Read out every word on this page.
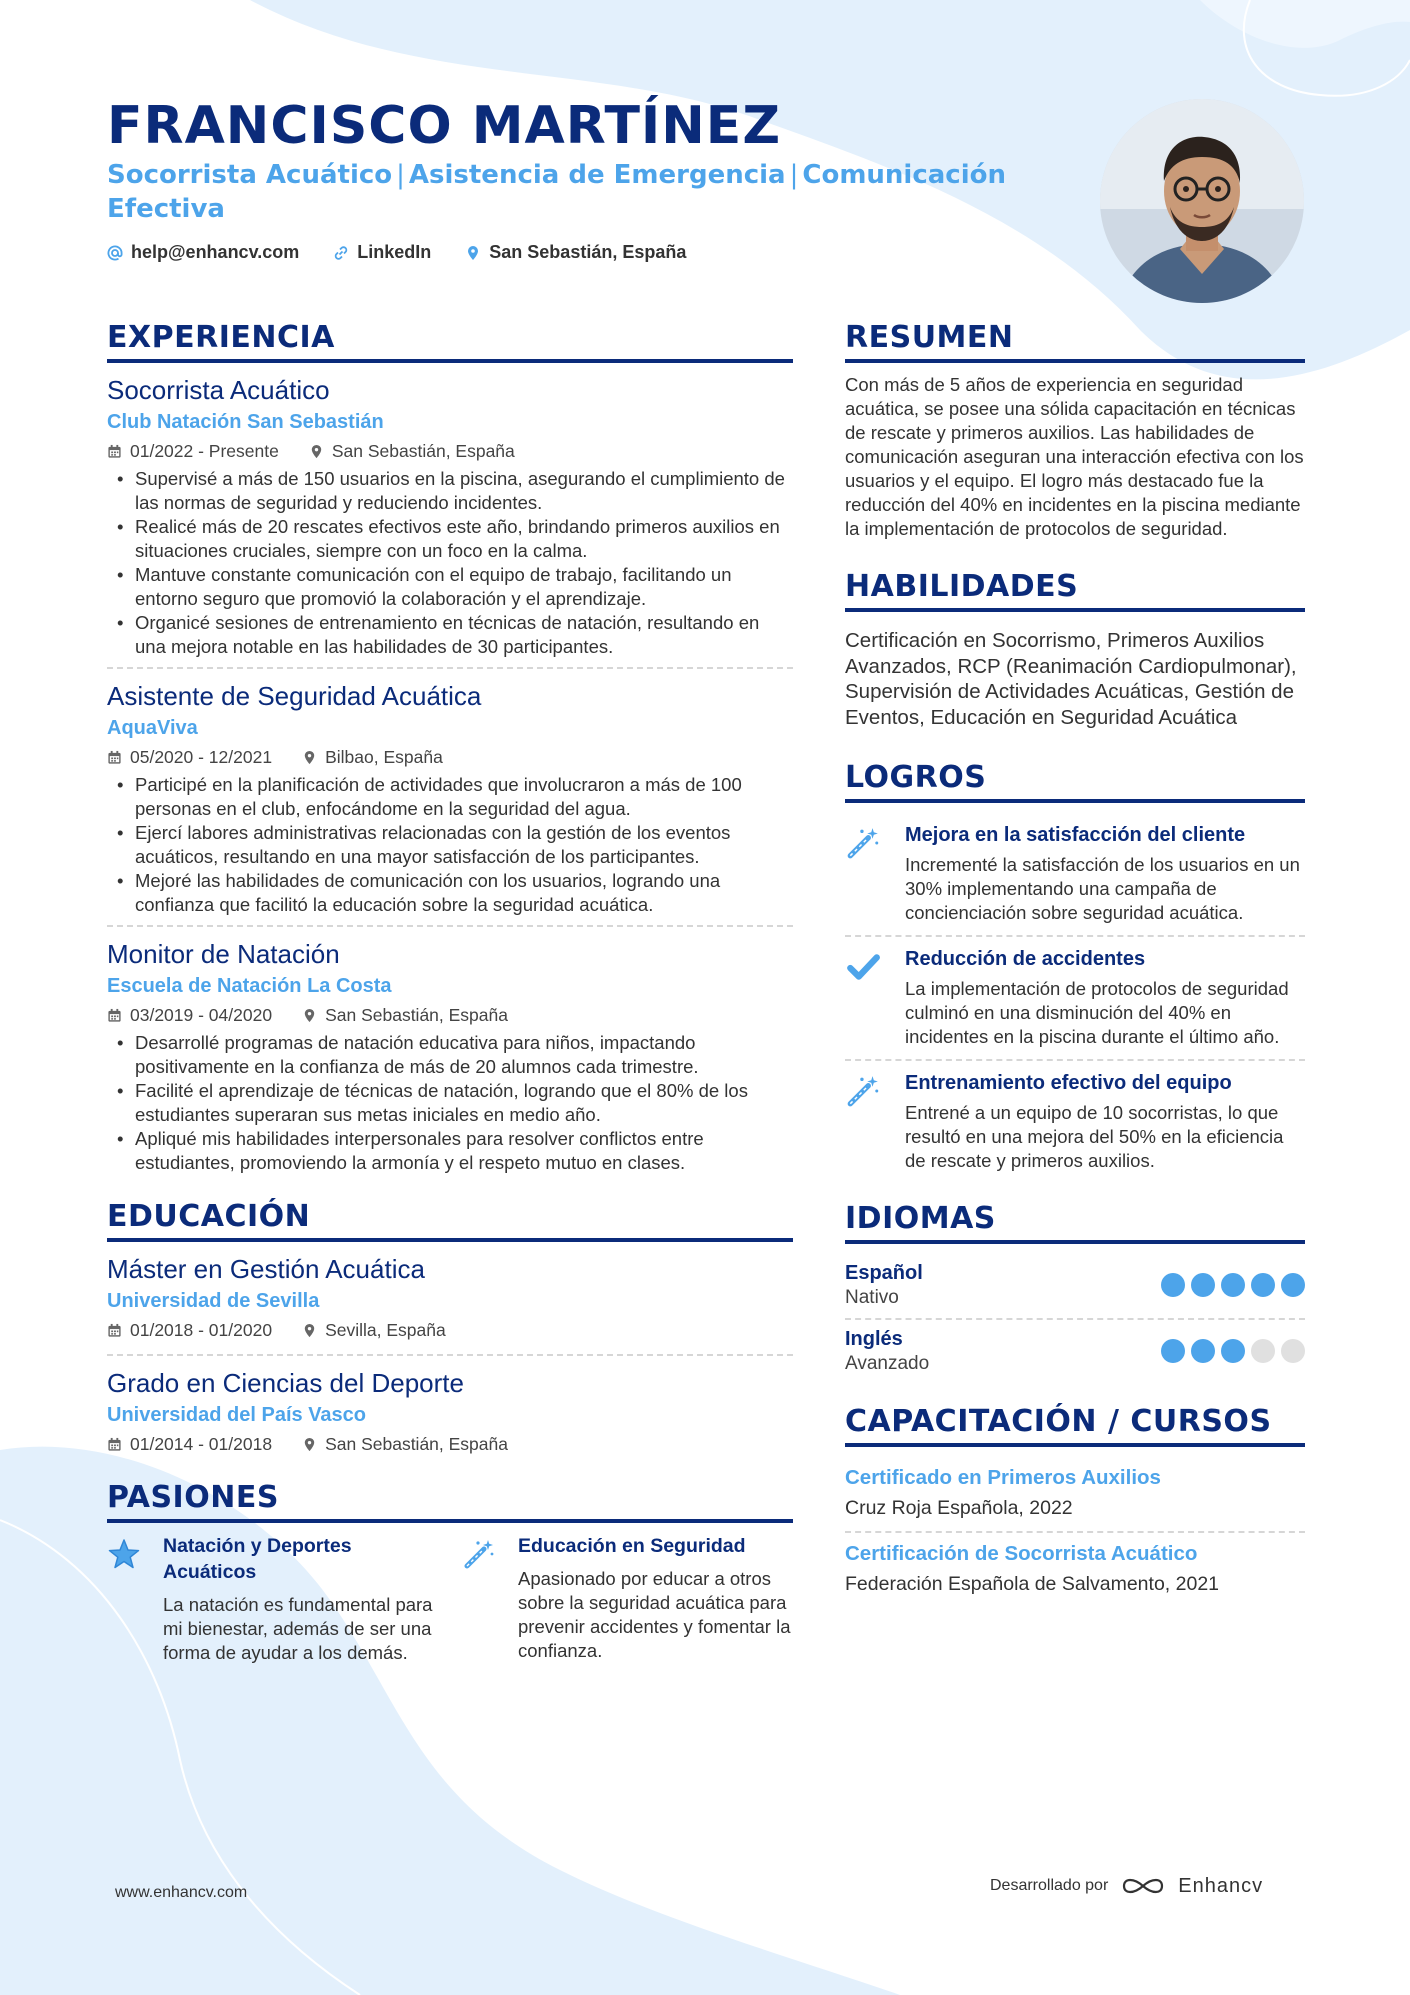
FRANCISCO MARTÍNEZ
Socorrista Acuático | Asistencia de Emergencia | Comunicación Efectiva
help@enhancv.com	LinkedIn	San Sebastián, España
EXPERIENCIA
Socorrista Acuático
Club Natación San Sebastián
01/2022 - Presente	San Sebastián, España
• Supervisé a más de 150 usuarios en la piscina, asegurando el cumplimiento de las normas de seguridad y reduciendo incidentes.
• Realicé más de 20 rescates efectivos este año, brindando primeros auxilios en situaciones cruciales, siempre con un foco en la calma.
• Mantuve constante comunicación con el equipo de trabajo, facilitando un entorno seguro que promovió la colaboración y el aprendizaje.
• Organicé sesiones de entrenamiento en técnicas de natación, resultando en una mejora notable en las habilidades de 30 participantes.
Asistente de Seguridad Acuática
AquaViva
05/2020 - 12/2021	Bilbao, España
• Participé en la planificación de actividades que involucraron a más de 100 personas en el club, enfocándome en la seguridad del agua.
• Ejercí labores administrativas relacionadas con la gestión de los eventos acuáticos, resultando en una mayor satisfacción de los participantes.
• Mejoré las habilidades de comunicación con los usuarios, logrando una confianza que facilitó la educación sobre la seguridad acuática.
Monitor de Natación
Escuela de Natación La Costa
03/2019 - 04/2020	San Sebastián, España
• Desarrollé programas de natación educativa para niños, impactando positivamente en la confianza de más de 20 alumnos cada trimestre.
• Facilité el aprendizaje de técnicas de natación, logrando que el 80% de los estudiantes superaran sus metas iniciales en medio año.
• Apliqué mis habilidades interpersonales para resolver conflictos entre estudiantes, promoviendo la armonía y el respeto mutuo en clases.
EDUCACIÓN
Máster en Gestión Acuática
Universidad de Sevilla
01/2018 - 01/2020	Sevilla, España
Grado en Ciencias del Deporte
Universidad del País Vasco
01/2014 - 01/2018	San Sebastián, España
PASIONES
Natación y Deportes Acuáticos
La natación es fundamental para mi bienestar, además de ser una forma de ayudar a los demás.
Educación en Seguridad
Apasionado por educar a otros sobre la seguridad acuática para prevenir accidentes y fomentar la confianza.
RESUMEN
Con más de 5 años de experiencia en seguridad acuática, se posee una sólida capacitación en técnicas de rescate y primeros auxilios. Las habilidades de comunicación aseguran una interacción efectiva con los usuarios y el equipo. El logro más destacado fue la reducción del 40% en incidentes en la piscina mediante la implementación de protocolos de seguridad.
HABILIDADES
Certificación en Socorrismo, Primeros Auxilios Avanzados, RCP (Reanimación Cardiopulmonar), Supervisión de Actividades Acuáticas, Gestión de Eventos, Educación en Seguridad Acuática
LOGROS
Mejora en la satisfacción del cliente
Incrementé la satisfacción de los usuarios en un 30% implementando una campaña de concienciación sobre seguridad acuática.
Reducción de accidentes
La implementación de protocolos de seguridad culminó en una disminución del 40% en incidentes en la piscina durante el último año.
Entrenamiento efectivo del equipo
Entrené a un equipo de 10 socorristas, lo que resultó en una mejora del 50% en la eficiencia de rescate y primeros auxilios.
IDIOMAS
Español
Nativo
Inglés
Avanzado
CAPACITACIÓN / CURSOS
Certificado en Primeros Auxilios
Cruz Roja Española, 2022
Certificación de Socorrista Acuático
Federación Española de Salvamento, 2021
www.enhancv.com	Desarrollado por	Enhancv
